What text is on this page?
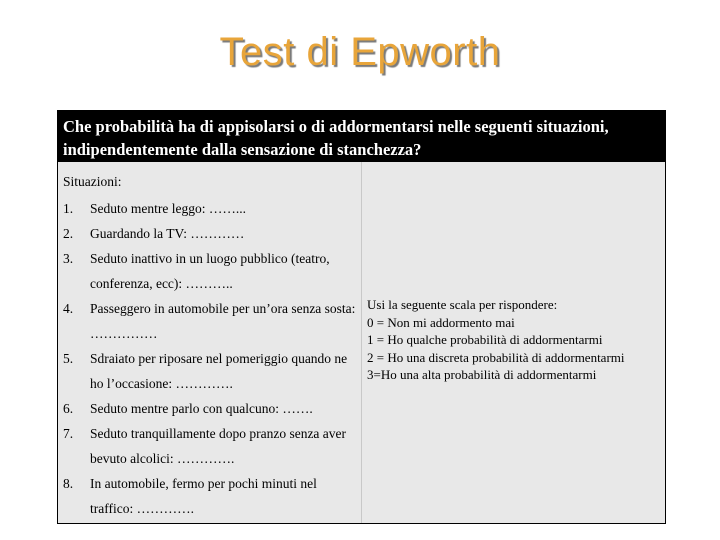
Test di Epworth
Che probabilità ha di appisolarsi o di addormentarsi nelle seguenti situazioni, indipendentemente dalla sensazione di stanchezza?
Situazioni:
1.	Seduto mentre leggo: ……...
2.	Guardando la TV: …………
3.	Seduto inattivo in un luogo pubblico (teatro, conferenza, ecc): ………..
4.	Passeggero in automobile per un’ora senza sosta: ……………
5.	Sdraiato per riposare nel pomeriggio quando ne ho l’occasione: ………….
6.	Seduto mentre parlo con qualcuno: …….
7.	Seduto tranquillamente dopo pranzo senza aver bevuto alcolici: ………….
8.	In automobile, fermo per pochi minuti nel traffico: ………….
Usi la seguente scala per rispondere:
0 = Non mi addormento mai
1 = Ho qualche probabilità di addormentarmi
2 = Ho una discreta probabilità di addormentarmi
3=Ho una alta probabilità di addormentarmi
